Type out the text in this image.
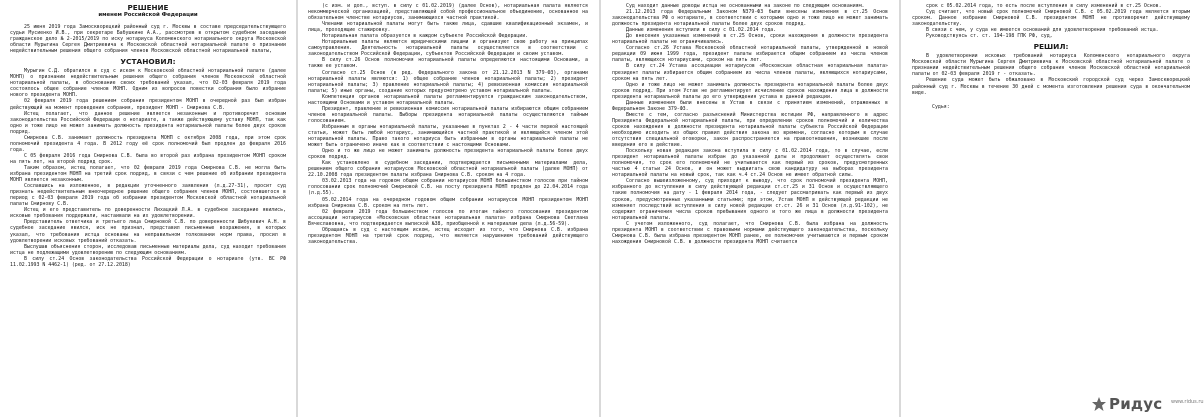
РЕШЕНИЕ
именем Российской Федерации

25 июня 2019 года Замоскворецкий районный суд г. Москвы в составе председательствующего судьи Мусиенко И.В., при секретаре Бабушкине А.А., рассмотрев в открытом судебном заседании гражданское дело № 2-2015/2019 по иску нотариуса Коломенского нотариального округа Московской области Мурыгина Сергея Дмитриевича к Московской областной нотариальной палате о признании недействительным решения общего собрания членов Московской областной нотариальной палаты,

УСТАНОВИЛ:

Мурыгин С.Д. обратился в суд с иском к Московской областной нотариальной палате (далее МОНП) о признании недействительным решения общего собрания членов Московской областной нотариальной палаты, в обоснование своих требований указал, что 02-03 февраля 2019 года состоялось общее собрание членов МОНП. Одним из вопросов повестки собрания было избрание нового президента МОНП.

02 февраля 2019 года решением собрания президентом МОНП в очередной раз был избран действующий на момент проведения собрания, президент МОНП - Смирнова С.В.

Истец полагает, что данное решение является незаконным и противоречит основам законодательства Российской Федерации о нотариате, а также действующему уставу МОНП, так как одно и тоже лицо не может занимать должность президента нотариальной палаты более двух сроков подряд.

Смирнова С.В. занимает должность президента МОНП с октября 2008 года, при этом срок полномочий президента 4 года. В 2012 году её срок полномочий был продлен до февраля 2016 года.

С 05 февраля 2016 года Смирнова С.В. была во второй раз избрана президентом МОНП сроком на пять лет, на второй подряд срок.

Таким образом, истец полагает, что 02 февраля 2019 года Смирнова С.В. не могла быть избрана президентом МОНП на третий срок подряд, в связи с чем решение об избрании президента МОНП является незаконным.

Сославшись на изложенное, в редакции уточненного заявления (л.д.27-31), просит суд признать недействительным внеочередное решение общего собрания членов МОНП, состоявшегося в период с 02-03 февраля 2019 года об избрании президентом Московской областной нотариальной палаты Смирнову С.В.

Истец и его представитель по доверенности Лихацкий Л.А. в судебное заседание явились, исковые требования поддержали, настаивали на их удовлетворении.

Представитель ответчика и третьего лица Смирновой С.В. по доверенности Шибукевич А.Н. в судебное заседание явился, иск не признал, представил письменные возражения, в которых указал, что требования истца основаны на неправильном толковании норм права, просил в удовлетворении исковых требований отказать.

Выслушав объяснения сторон, исследовав письменные материалы дела, суд находит требования истца не подлежащими удовлетворению по следующим основаниям.

В силу ст.24 Основ законодательства Российской Федерации о нотариате (утв. ВС РФ 11.02.1993 N 4462-1) (ред. от 27.12.2018)

(с изм. и доп., вступ. в силу с 01.02.2019) (далее Основ), нотариальная палата является некоммерческой организацией, представляющей собой профессиональное объединение, основанное на обязательном членстве нотариусов, занимающихся частной практикой.

Членами нотариальной палаты могут быть также лица, сдавшие квалификационный экзамен, и лица, проходящие стажировку.

Нотариальная палата образуется в каждом субъекте Российской Федерации.

Нотариальные палаты являются юридическими лицами и организуют свою работу на принципах самоуправления. Деятельность нотариальной палаты осуществляется в соответствии с законодательством Российской Федерации, субъектов Российской Федерации и своим уставом.

В силу ст.26 Основ полномочия нотариальной палаты определяются настоящими Основами, а также ее уставом.

Согласно ст.25 Основ (в ред. Федерального закона от 21.12.2013 N 379-ФЗ), органами нотариальной палаты являются: 1) общее собрание членов нотариальной палаты; 2) президент нотариальной палаты; 3) правление нотариальной палаты; 4) ревизионная комиссия нотариальной палаты; 5) иные органы, создание которых предусмотрено уставом нотариальной палаты.

Компетенция органов нотариальной палаты регламентируется гражданским законодательством, настоящими Основами и уставом нотариальной палаты.

Президент, правление и ревизионная комиссия нотариальной палаты избираются общим собранием членов нотариальной палаты. Выборы президента нотариальной палаты осуществляются тайным голосованием.

Избранным в органы нотариальной палаты, указанные в пунктах 2 - 4 части первой настоящей статьи, может быть любой нотариус, занимающийся частной практикой и являющийся членом этой нотариальной палаты. Право такого нотариуса быть избранным в органы нотариальной палаты не может быть ограничено иначе как в соответствии с настоящими Основами.

Одно и то же лицо не может занимать должность президента нотариальной палаты более двух сроков подряд.

Как установлено в судебном заседании, подтверждается письменными материалами дела, решением общего собрания нотариусов Московской областной нотариальной палаты (далее МОНП) от 22.10.2008 года президентом палаты избрана Смирнова С.В. сроком на 4 года.

03.02.2013 года на годовом общем собрании нотариусов МОНП большинством голосов при тайном голосовании срок полномочий Смирновой С.В. на посту президента МОНП продлен до 22.04.2014 года (л.д.55).

05.02.2014 года на очередном годовом общем собрании нотариусов МОНП президентом МОНП избрана Смирнова С.В. сроком на пять лет.

02 февраля 2019 года большинством голосов по итогам тайного голосования президентом ассоциации нотариусов «Московская областная нотариальная палата» избрана Смирнова Светлана Вячеславовна, что подтверждается выпиской №38, приобщенной к материалам дела (л.д.56-59).

Обращаясь в суд с настоящим иском, истец исходит из того, что Смирнова С.В. избрана президентом МОНП на третий срок подряд, что является нарушением требований действующего законодательства.

Суд находит данные доводы истца не основанными на законе по следующим основаниям.

21.12.2013 года Федеральным Законом N379-ФЗ были внесены изменения в ст.25 Основ законодательства РФ о нотариате, в соответствии с которыми одно и тоже лицо не может занимать должность президента нотариальной палаты более двух сроков подряд.

Данные изменения вступили в силу с 01.02.2014 года.

До внесения указанных изменений в ст.25 Основ, сроки нахождения в должности президента нотариальной палаты не ограничивались.

Согласно ст.26 Устава Московской областной нотариальной палаты, утвержденной в новой редакции 09 июня 1999 года, президент палаты избирается общим собранием из числа членов палаты, являющихся нотариусами, сроком на пять лет.

В силу ст.24 Устава ассоциации нотариусов «Московская областная нотариальная палата» президент палаты избирается общим собранием из числа членов палаты, являющихся нотариусами, сроком на пять лет.

Одно и тоже лицо не может занимать должность президента нотариальной палаты более двух сроков подряд. При этом Устав не регламентирует исчисление сроков нахождения лица в должности президента нотариальной палаты до его утверждения устава в данной редакции.

Данные изменения были внесены в Устав в связи с принятием изменений, отраженных в Федеральном Законе 379-ФЗ.

Вместе с тем, согласно разъяснений Министерства юстиции РФ, направленного в адрес Президента Федеральной нотариальной палаты, при определении сроков полномочий и количества сроков нахождения в должности президента нотариальной палаты субъекта Российской Федерации необходимо исходить из общих правил действия закона во времени, согласно которым в случае отсутствия специальной оговорки, закон распространяется на правоотношения, возникшие после введения его в действие.

Поскольку новая редакция закона вступила в силу с 01.02.2014 года, то в случае, если президент нотариальной палаты избран до указанной даты и продолжает осуществлять свои полномочия, то срок его полномочий не учитывается как первый из сроков, предусмотренных частью 4 статьи 24 Основ, и он может выдвигать свою кандидатуру на выборах президента нотариальной палаты на новый срок, так как ч.4 ст.24 Основ не имеет обратной силы.

Согласно вышеизложенному, суд приходит к выводу, что срок полномочий президента МОНП, избранного до вступления в силу действующей редакции ст.ст.25 и 31 Основ и осуществляющего такие полномочия на дату - 1 февраля 2014 года, - следует рассматривать как первый из двух сроков, предусмотренных указанными статьями; при этом, Устав МОНП в действующей редакции не изменяет последствий вступления в силу новой редакции ст.ст. 26 и 31 Основ (л.д.91-102), не содержит ограничения числа сроков пребывания одного и того же лица в должности президента нотариальной палаты.

С учетом изложенного, суд полагает, что Смирнова С.В. была избрана на должность президента МОНП в соответствии с правовыми нормами действующего законодательства, поскольку Смирнова С.В. была избрана президентом МОНП ранее, ее полномочия учитываются и первым сроком нахождения Смирновой С.В. в должности президента МОНП считается

срок с 05.02.2014 года, то есть после вступления в силу изменений в ст.25 Основ.

Суд считает, что новый срок полномочий Смирновой С.В. с 05.02.2019 года является вторым сроком. Данное избрание Смирновой С.В. президентом МОНП не противоречит действующему законодательству.

В связи с чем, у суда не имеется оснований для удовлетворения требований истца.

Руководствуясь ст. ст. 194-198 ГПК РФ, суд,

РЕШИЛ:

В удовлетворении исковых требований нотариуса Коломенского нотариального округа Московской области Мурыгина Сергея Дмитриевича к Московской областной нотариальной палате о признании недействительным решения общего собрания членов Московской областной нотариальной палаты от 02-03 февраля 2019 г - отказать.

Решение суда может быть обжаловано в Московский городской суд через Замоскворецкий районный суд г. Москвы в течение 30 дней с момента изготовления решения суда в окончательном виде.

Судья:
Ридус www.ridus.ru
